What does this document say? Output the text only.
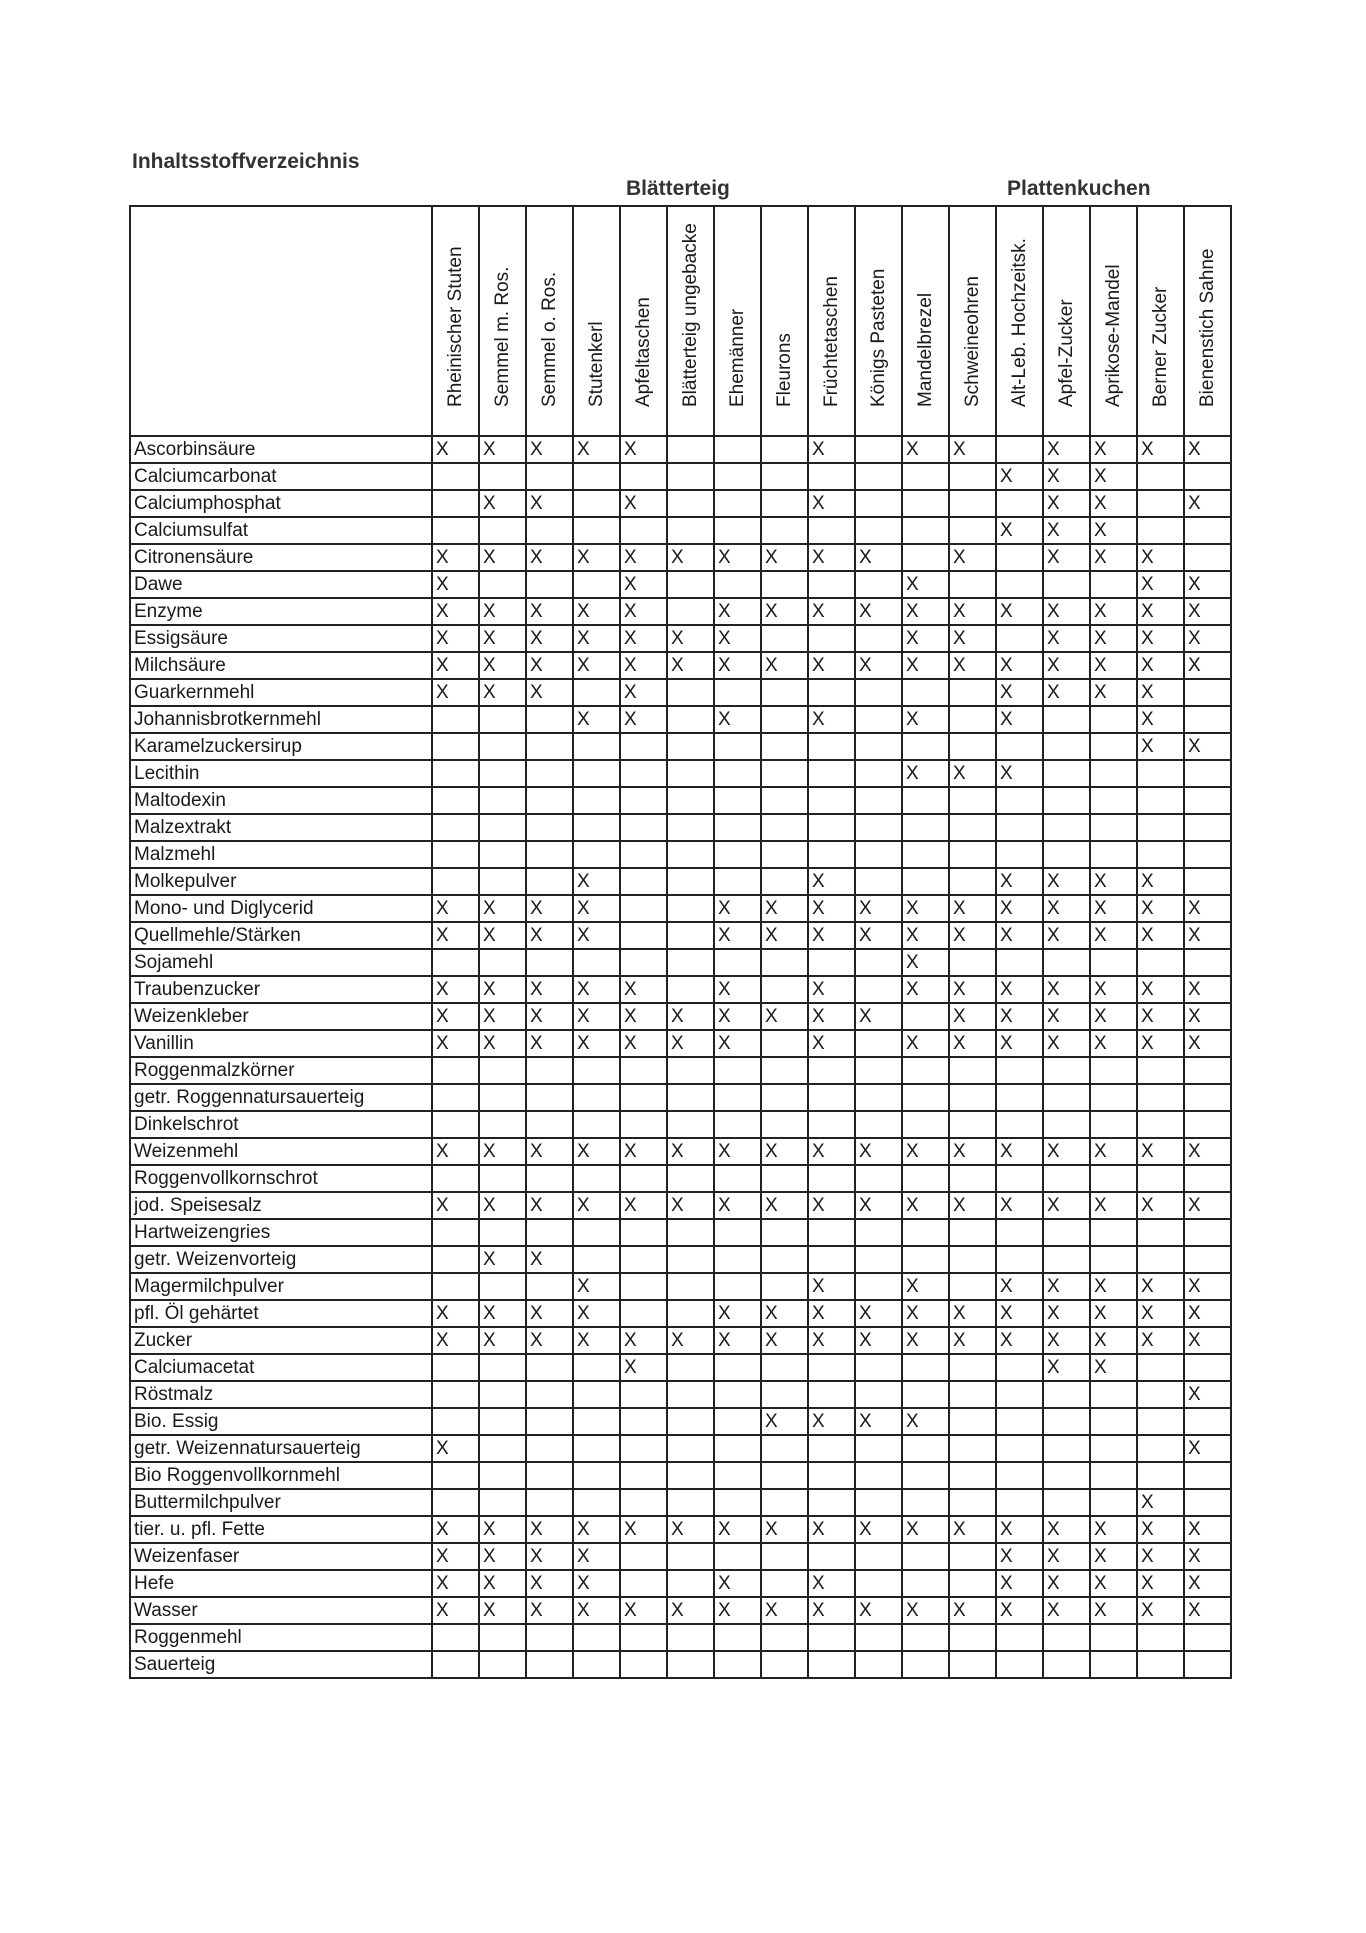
Inhaltsstoffverzeichnis
Blätterteig	Plattenkuchen

	Rheinischer Stuten	Semmel m. Ros.	Semmel o. Ros.	Stutenkerl	Apfeltaschen	Blätterteig ungebacke	Ehemänner	Fleurons	Früchtetaschen	Königs Pasteten	Mandelbrezel	Schweineohren	Alt-Leb. Hochzeitsk.	Apfel-Zucker	Aprikose-Mandel	Berner Zucker	Bienenstich Sahne

Ascorbinsäure	X	X	X	X	X				X		X	X		X	X	X	X
Calciumcarbonat													X	X	X		
Calciumphosphat		X	X		X				X					X	X		X
Calciumsulfat													X	X	X		
Citronensäure	X	X	X	X	X	X	X	X	X	X		X		X	X	X	
Dawe	X				X						X					X	X
Enzyme	X	X	X	X	X		X	X	X	X	X	X	X	X	X	X	X
Essigsäure	X	X	X	X	X	X	X				X	X		X	X	X	X
Milchsäure	X	X	X	X	X	X	X	X	X	X	X	X	X	X	X	X	X
Guarkernmehl	X	X	X		X								X	X	X	X	
Johannisbrotkernmehl				X	X		X		X		X		X			X	
Karamelzuckersirup																X	X
Lecithin											X	X	X				
Maltodexin																	
Malzextrakt																	
Malzmehl																	
Molkepulver				X					X				X	X	X	X	
Mono- und Diglycerid	X	X	X	X			X	X	X	X	X	X	X	X	X	X	X
Quellmehle/Stärken	X	X	X	X			X	X	X	X	X	X	X	X	X	X	X
Sojamehl											X						
Traubenzucker	X	X	X	X	X		X		X		X	X	X	X	X	X	X
Weizenkleber	X	X	X	X	X	X	X	X	X	X		X	X	X	X	X	X
Vanillin	X	X	X	X	X	X	X		X		X	X	X	X	X	X	X
Roggenmalzkörner																	
getr. Roggennatursauerteig																	
Dinkelschrot																	
Weizenmehl	X	X	X	X	X	X	X	X	X	X	X	X	X	X	X	X	X
Roggenvollkornschrot																	
jod. Speisesalz	X	X	X	X	X	X	X	X	X	X	X	X	X	X	X	X	X
Hartweizengries																	
getr. Weizenvorteig		X	X														
Magermilchpulver				X					X		X		X	X	X	X	X
pfl. Öl gehärtet	X	X	X	X			X	X	X	X	X	X	X	X	X	X	X
Zucker	X	X	X	X	X	X	X	X	X	X	X	X	X	X	X	X	X
Calciumacetat					X									X	X		
Röstmalz																	X
Bio. Essig								X	X	X	X						
getr. Weizennatursauerteig	X																X
Bio Roggenvollkornmehl																	
Buttermilchpulver																X	
tier. u. pfl. Fette	X	X	X	X	X	X	X	X	X	X	X	X	X	X	X	X	X
Weizenfaser	X	X	X	X									X	X	X	X	X
Hefe	X	X	X	X			X		X				X	X	X	X	X
Wasser	X	X	X	X	X	X	X	X	X	X	X	X	X	X	X	X	X
Roggenmehl																	
Sauerteig																	
